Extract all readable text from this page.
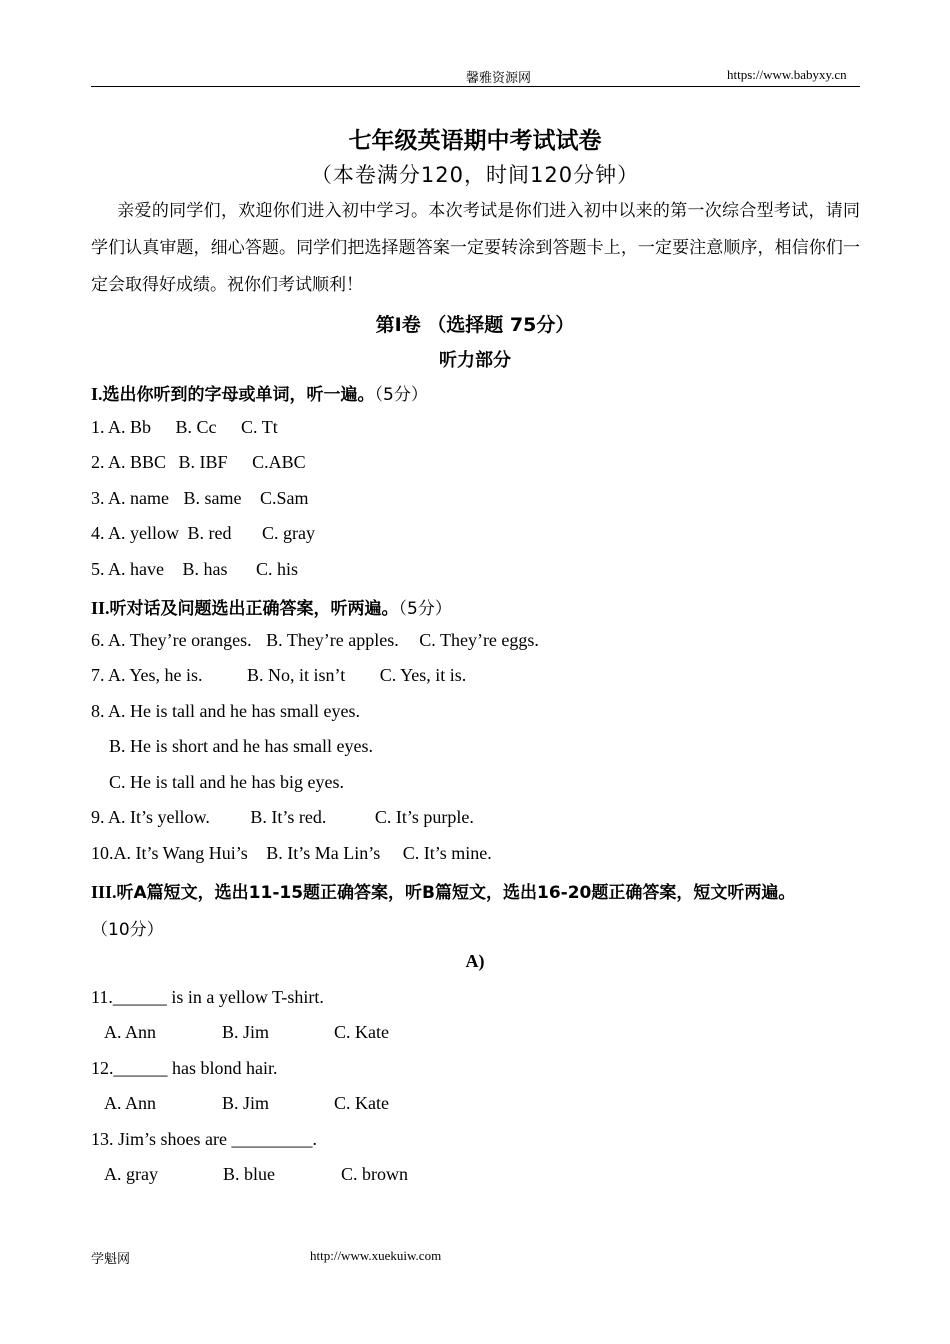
馨雅资源网	https://www.babyxy.cn
七年级英语期中考试试卷
（本卷满分120，时间120分钟）
亲爱的同学们，欢迎你们进入初中学习。本次考试是你们进入初中以来的第一次综合型考试，请同学们认真审题，细心答题。同学们把选择题答案一定要转涂到答题卡上，一定要注意顺序，相信你们一定会取得好成绩。祝你们考试顺利！
第Ⅰ卷 （选择题 75分）
听力部分
I.选出你听到的字母或单词，听一遍。（5分）
1. A. Bb B. Cc C. Tt
2. A. BBC B. IBF C.ABC
3. A. name B. same C.Sam
4. A. yellow B. red C. gray
5. A. have B. has C. his
II.听对话及问题选出正确答案，听两遍。（5分）
6. A. They’re oranges. B. They’re apples. C. They’re eggs.
7. A. Yes, he is. B. No, it isn’t C. Yes, it is.
8. A. He is tall and he has small eyes.
B. He is short and he has small eyes.
C. He is tall and he has big eyes.
9. A. It’s yellow. B. It’s red.	C. It’s purple.
10.A. It’s Wang Hui’s B. It’s Ma Lin’s C. It’s mine.
III.听A篇短文，选出11-15题正确答案，听B篇短文，选出16-20题正确答案，短文听两遍。
（10分）
A)
11.______ is in a yellow T-shirt.
A. Ann	B. Jim	C. Kate
12.______ has blond hair.
A. Ann	B. Jim	C. Kate
13. Jim’s shoes are _________.
A. gray	B. blue	C. brown
学魁网	http://www.xuekuiw.com
